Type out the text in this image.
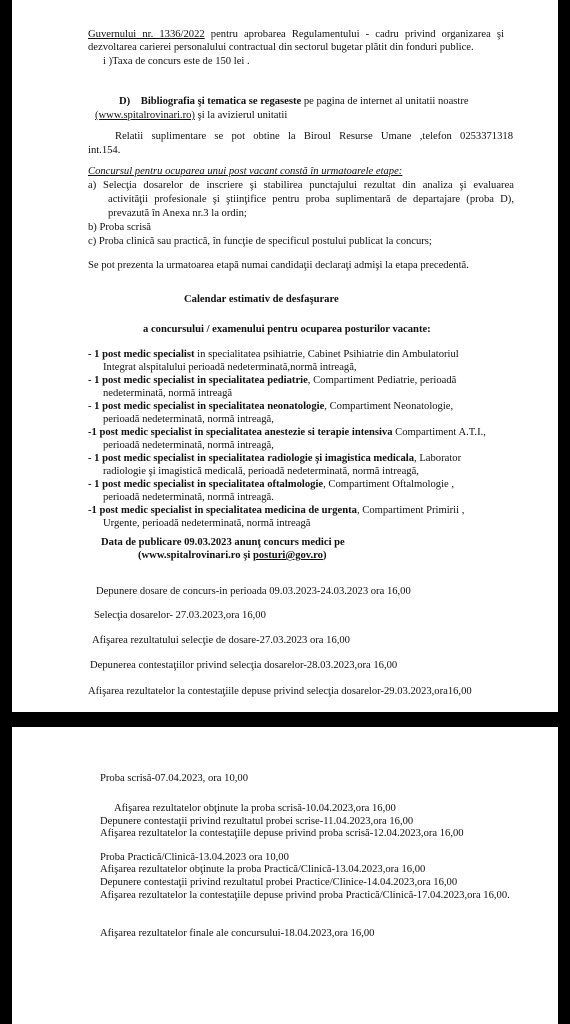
Guvernului nr. 1336/2022 pentru aprobarea Regulamentului - cadru privind organizarea şi
dezvoltarea carierei personalului contractual din sectorul bugetar plătit din fonduri publice.
i )Taxa de concurs este de 150 lei .
D) Bibliografia şi tematica se regaseste pe pagina de internet al unitatii noastre
(www.spitalrovinari.ro) şi la avizierul unitatii
Relatii suplimentare se pot obtine la Biroul Resurse Umane ,telefon 0253371318
int.154.
Concursul pentru ocuparea unui post vacant constă în urmatoarele etape:
a) Selecţia dosarelor de inscriere şi stabilirea punctajului rezultat din analiza şi evaluarea
activităţii profesionale şi ştiinţifice pentru proba suplimentară de departajare (proba D),
prevazută în Anexa nr.3 la ordin;
b) Proba scrisă
c) Proba clinică sau practică, în funcţie de specificul postului publicat la concurs;
Se pot prezenta la urmatoarea etapă numai candidaţii declaraţi admişi la etapa precedentă.
Calendar estimativ de desfaşurare
a concursului / examenului pentru ocuparea posturilor vacante:
- 1 post medic specialist in specialitatea psihiatrie, Cabinet Psihiatrie din Ambulatoriul
Integrat alspitalului perioadă nedeterminată,normă intreagă,
- 1 post medic specialist in specialitatea pediatrie, Compartiment Pediatrie, perioadă
nedeterminată, normă intreagă
- 1 post medic specialist in specialitatea neonatologie, Compartiment Neonatologie,
perioadă nedeterminată, normă intreagă,
-1 post medic specialist in specialitatea anestezie si terapie intensiva Compartiment A.T.I.,
perioadă nedeterminată, normă intreagă,
- 1 post medic specialist in specialitatea radiologie şi imagistica medicala, Laborator
radiologie şi imagistică medicală, perioadă nedeterminată, normă intreagă,
- 1 post medic specialist in specialitatea oftalmologie, Compartiment Oftalmologie ,
perioadă nedeterminată, normă intreagă.
-1 post medic specialist in specialitatea medicina de urgenta, Compartiment Primirii ,
Urgente, perioadă nedeterminată, normă intreagă
Data de publicare 09.03.2023 anunţ concurs medici pe
(www.spitalrovinari.ro şi posturi@gov.ro)
Depunere dosare de concurs-in perioada 09.03.2023-24.03.2023 ora 16,00
Selecţia dosarelor- 27.03.2023,ora 16,00
Afişarea rezultatului selecţie de dosare-27.03.2023 ora 16,00
Depunerea contestaţiilor privind selecţia dosarelor-28.03.2023,ora 16,00
Afişarea rezultatelor la contestaţiile depuse privind selecţia dosarelor-29.03.2023,ora16,00
Proba scrisă-07.04.2023, ora 10,00
Afişarea rezultatelor obţinute la proba scrisă-10.04.2023,ora 16,00
Depunere contestaţii privind rezultatul probei scrise-11.04.2023,ora 16,00
Afişarea rezultatelor la contestaţiile depuse privind proba scrisă-12.04.2023,ora 16,00
Proba Practică/Clinică-13.04.2023 ora 10,00
Afişarea rezultatelor obţinute la proba Practică/Clinică-13.04.2023,ora 16,00
Depunere contestaţii privind rezultatul probei Practice/Clinice-14.04.2023,ora 16,00
Afişarea rezultatelor la contestaţiile depuse privind proba Practică/Clinică-17.04.2023,ora 16,00.
Afişarea rezultatelor finale ale concursului-18.04.2023,ora 16,00
